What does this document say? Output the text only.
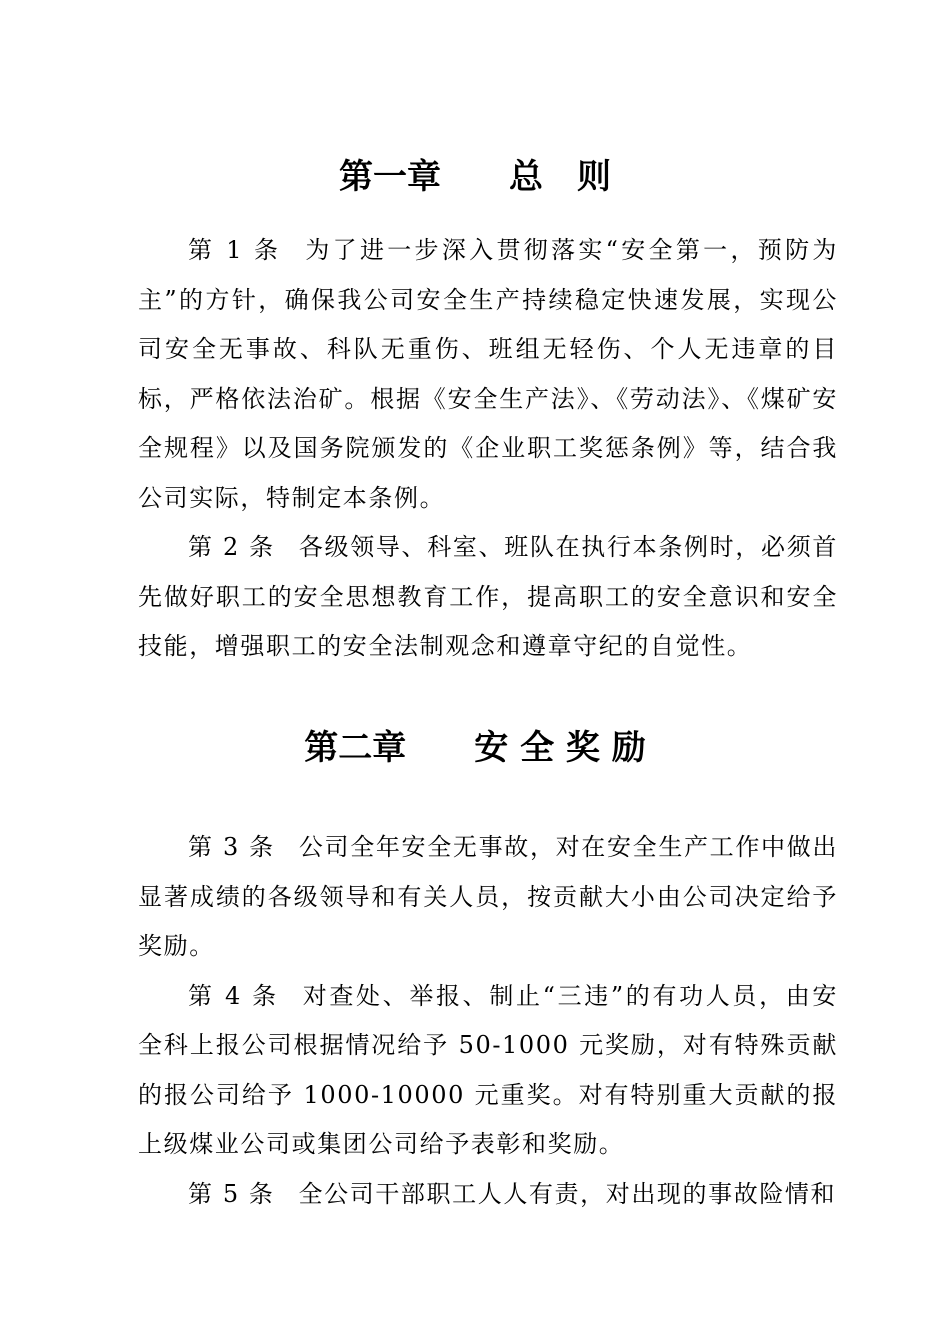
第一章　　总　则

第 1 条 为了进一步深入贯彻落实“安全第一，预防为主”的方针，确保我公司安全生产持续稳定快速发展，实现公司安全无事故、科队无重伤、班组无轻伤、个人无违章的目标，严格依法治矿。根据《安全生产法》、《劳动法》、《煤矿安全规程》以及国务院颁发的《企业职工奖惩条例》等，结合我公司实际，特制定本条例。

第 2 条 各级领导、科室、班队在执行本条例时，必须首先做好职工的安全思想教育工作，提高职工的安全意识和安全技能，增强职工的安全法制观念和遵章守纪的自觉性。

第二章　　安 全 奖 励

第 3 条 公司全年安全无事故，对在安全生产工作中做出显著成绩的各级领导和有关人员，按贡献大小由公司决定给予奖励。

第 4 条 对查处、举报、制止“三违”的有功人员，由安全科上报公司根据情况给予 50-1000 元奖励，对有特殊贡献的报公司给予 1000-10000 元重奖。对有特别重大贡献的报上级煤业公司或集团公司给予表彰和奖励。

第 5 条 全公司干部职工人人有责，对出现的事故险情和
